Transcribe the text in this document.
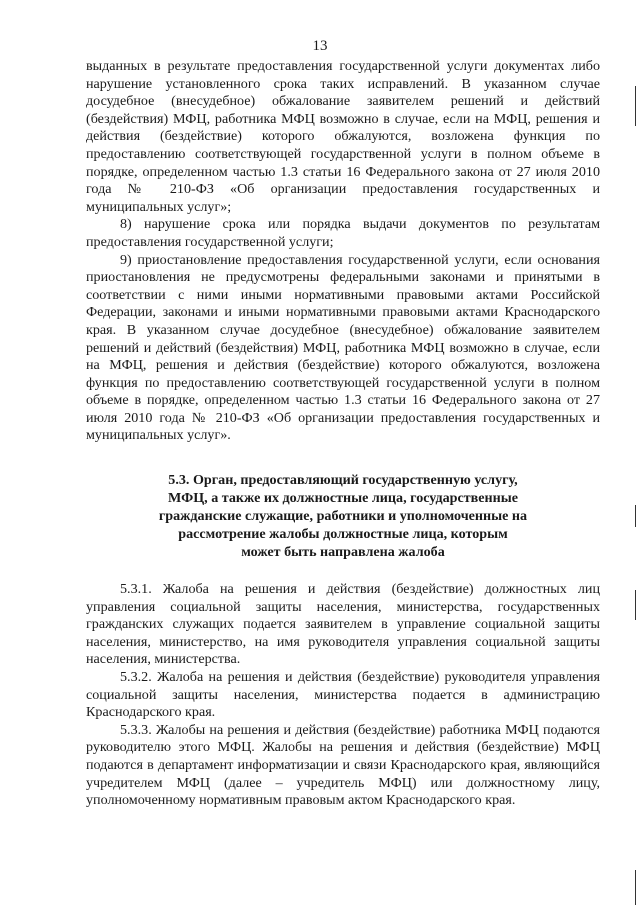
13

выданных в результате предоставления государственной услуги документах либо нарушение установленного срока таких исправлений. В указанном случае досудебное (внесудебное) обжалование заявителем решений и действий (бездействия) МФЦ, работника МФЦ возможно в случае, если на МФЦ, решения и действия (бездействие) которого обжалуются, возложена функция по предоставлению соответствующей государственной услуги в полном объеме в порядке, определенном частью 1.3 статьи 16 Федерального закона от 27 июля 2010 года № 210-ФЗ «Об организации предоставления государственных и муниципальных услуг»;

8) нарушение срока или порядка выдачи документов по результатам предоставления государственной услуги;

9) приостановление предоставления государственной услуги, если основания приостановления не предусмотрены федеральными законами и принятыми в соответствии с ними иными нормативными правовыми актами Российской Федерации, законами и иными нормативными правовыми актами Краснодарского края. В указанном случае досудебное (внесудебное) обжалование заявителем решений и действий (бездействия) МФЦ, работника МФЦ возможно в случае, если на МФЦ, решения и действия (бездействие) которого обжалуются, возложена функция по предоставлению соответствующей государственной услуги в полном объеме в порядке, определенном частью 1.3 статьи 16 Федерального закона от 27 июля 2010 года № 210-ФЗ «Об организации предоставления государственных и муниципальных услуг».

5.3. Орган, предоставляющий государственную услугу,
МФЦ, а также их должностные лица, государственные
гражданские служащие, работники и уполномоченные на
рассмотрение жалобы должностные лица, которым
может быть направлена жалоба

5.3.1. Жалоба на решения и действия (бездействие) должностных лиц управления социальной защиты населения, министерства, государственных гражданских служащих подается заявителем в управление социальной защиты населения, министерство, на имя руководителя управления социальной защиты населения, министерства.

5.3.2. Жалоба на решения и действия (бездействие) руководителя управления социальной защиты населения, министерства подается в администрацию Краснодарского края.

5.3.3. Жалобы на решения и действия (бездействие) работника МФЦ подаются руководителю этого МФЦ. Жалобы на решения и действия (бездействие) МФЦ подаются в департамент информатизации и связи Краснодарского края, являющийся учредителем МФЦ (далее – учредитель МФЦ) или должностному лицу, уполномоченному нормативным правовым актом Краснодарского края.
